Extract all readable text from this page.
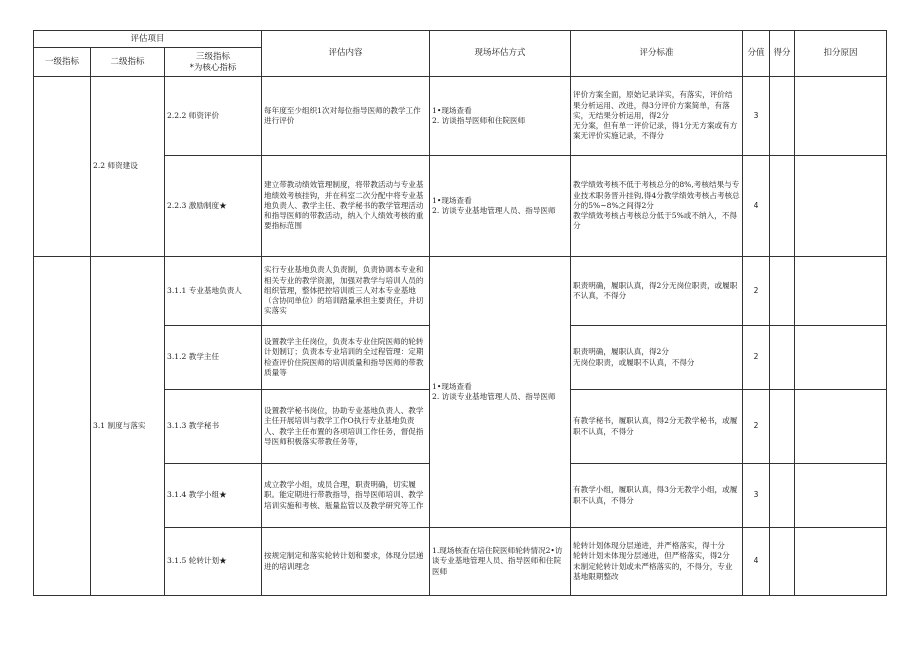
评估项目			评估内容	现场坏估方式	评分标准	分值	得分	扣分原因
一级指标	二级指标	三级指标
*为核心指标						

	2.2 师资建设	2.2.2 师资评价	每年度至少组织1次对每位指导医师的教学工作进行评价	1•现场查看
2. 访谈指导医师和住院医师	评价方案全面，原始记录详实，有落实，评价结果分析运用、改进，得3分评价方案简单，有落实，无结果分析运用，得2分
无分案，但有单一评价记录，得1分无方案或有方案无评价实施记录，不得分	3		
		2.2.3 激励制度★	建立带教动绩效管理制度，将带教活动与专业基地绩效考核挂钩，并在科室二次分配中将专业基地负责人、教学主任、教学秘书的教学管理活动和指导医师的带教活动，纳入个人绩效考核的重要指标范围	1•现场查看
2. 访谈专业基地管理人员、指导医师	教学绩效考核不低于考核总分的8%,考核结果与专业技术职务晋升挂钩,得4分教学绩效考核占考核总分的5%~8%之间得2分
教学绩效考核占考核总分低于5%或不纳入，不得分	4		
	3.1 制度与落实	3.1.1 专业基地负责人	实行专业基地负责人负责制，负责协调本专业和相关专业的教学资源，加强对教学与培训人员的组织管理，整体把控培训质三人对本专业基地（含协同单位）的培训踏量承担主要责任，并切实落实	1•现场查看
2. 访谈专业基地管理人员、指导医师	职责明确，履职认真，得2分无岗位职责，或履职不认真，不得分	2		
		3.1.2 教学主任	设置教学主任岗位，负责本专业住院医师的轮转计划制订；负责本专业培训的全过程管理：定期检查评价住院医师的培训质量和指导医师的带教质量等		职责明确，履职认真，得2分
无岗位职责，或履职不认真，不得分	2		
		3.1.3 教学秘书	设置教学秘书岗位，协助专业基地负责人、教学主任开展培训与教学工作O执行专业基地负责人、教学主任布置的各项培训工作任务，督促指导医师积极落实带教任务等，		有教学秘书，履职认真，得2分无教学秘书，或履职不认真，不得分	2		
		3.1.4 教学小组★	成立教学小组，成员合理，职责明确，切实履职。能定期进行带教指导，指导医师培训、教学培训实施和考核、瓶量监管以及教学研究等工作		有教学小组，履职认真，得3分无教学小组，或履职不认真，不得分	3		
		3.1.5 轮转计划★	按规定制定和落实轮转计划和要求，体现分层递进的培训理念	1.现场核查在培住院医师轮转情况2•访谈专业基地管理人员、指导医师和住院医师	轮转计划体现分层递进，并严格落实，得十分
轮转计划未体现分层递进，但严格落实，得2分
未制定轮转计划或未严格落实的，不得分，专业基地限期整改	4		
